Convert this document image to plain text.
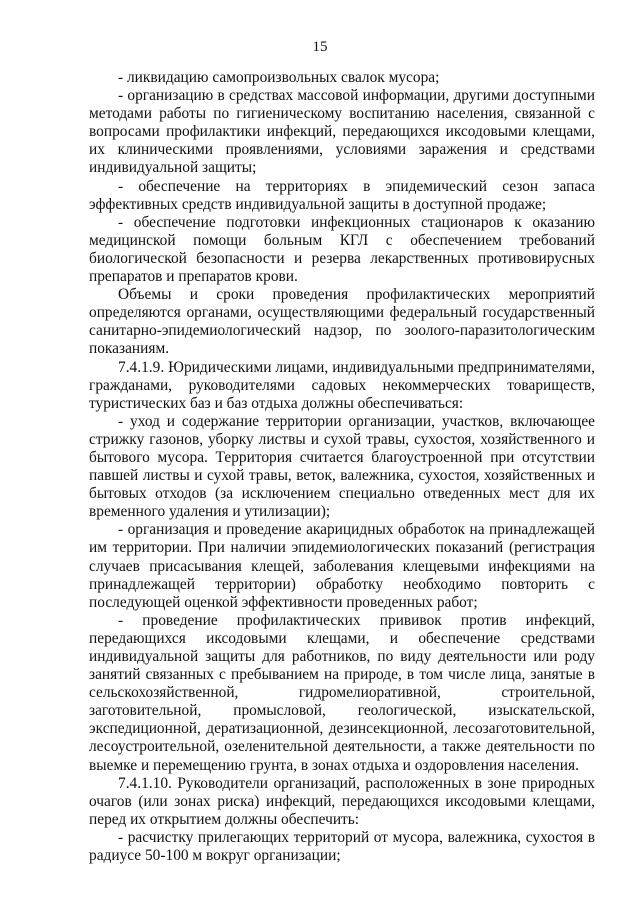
15

- ликвидацию самопроизвольных свалок мусора;

- организацию в средствах массовой информации, другими доступными методами работы по гигиеническому воспитанию населения, связанной с вопросами профилактики инфекций, передающихся иксодовыми клещами, их клиническими проявлениями, условиями заражения и средствами индивидуальной защиты;

- обеспечение на территориях в эпидемический сезон запаса эффективных средств индивидуальной защиты в доступной продаже;

- обеспечение подготовки инфекционных стационаров к оказанию медицинской помощи больным КГЛ с обеспечением требований биологической безопасности и резерва лекарственных противовирусных препаратов и препаратов крови.

Объемы и сроки проведения профилактических мероприятий определяются органами, осуществляющими федеральный государственный санитарно-эпидемиологический надзор, по зоолого-паразитологическим показаниям.

7.4.1.9. Юридическими лицами, индивидуальными предпринимателями, гражданами, руководителями садовых некоммерческих товариществ, туристических баз и баз отдыха должны обеспечиваться:

- уход и содержание территории организации, участков, включающее стрижку газонов, уборку листвы и сухой травы, сухостоя, хозяйственного и бытового мусора. Территория считается благоустроенной при отсутствии павшей листвы и сухой травы, веток, валежника, сухостоя, хозяйственных и бытовых отходов (за исключением специально отведенных мест для их временного удаления и утилизации);

- организация и проведение акарицидных обработок на принадлежащей им территории. При наличии эпидемиологических показаний (регистрация случаев присасывания клещей, заболевания клещевыми инфекциями на принадлежащей территории) обработку необходимо повторить с последующей оценкой эффективности проведенных работ;

- проведение профилактических прививок против инфекций, передающихся иксодовыми клещами, и обеспечение средствами индивидуальной защиты для работников, по виду деятельности или роду занятий связанных с пребыванием на природе, в том числе лица, занятые в сельскохозяйственной, гидромелиоративной, строительной, заготовительной, промысловой, геологической, изыскательской, экспедиционной, дератизационной, дезинсекционной, лесозаготовительной, лесоустроительной, озеленительной деятельности, а также деятельности по выемке и перемещению грунта, в зонах отдыха и оздоровления населения.

7.4.1.10. Руководители организаций, расположенных в зоне природных очагов (или зонах риска) инфекций, передающихся иксодовыми клещами, перед их открытием должны обеспечить:

- расчистку прилегающих территорий от мусора, валежника, сухостоя в радиусе 50-100 м вокруг организации;
